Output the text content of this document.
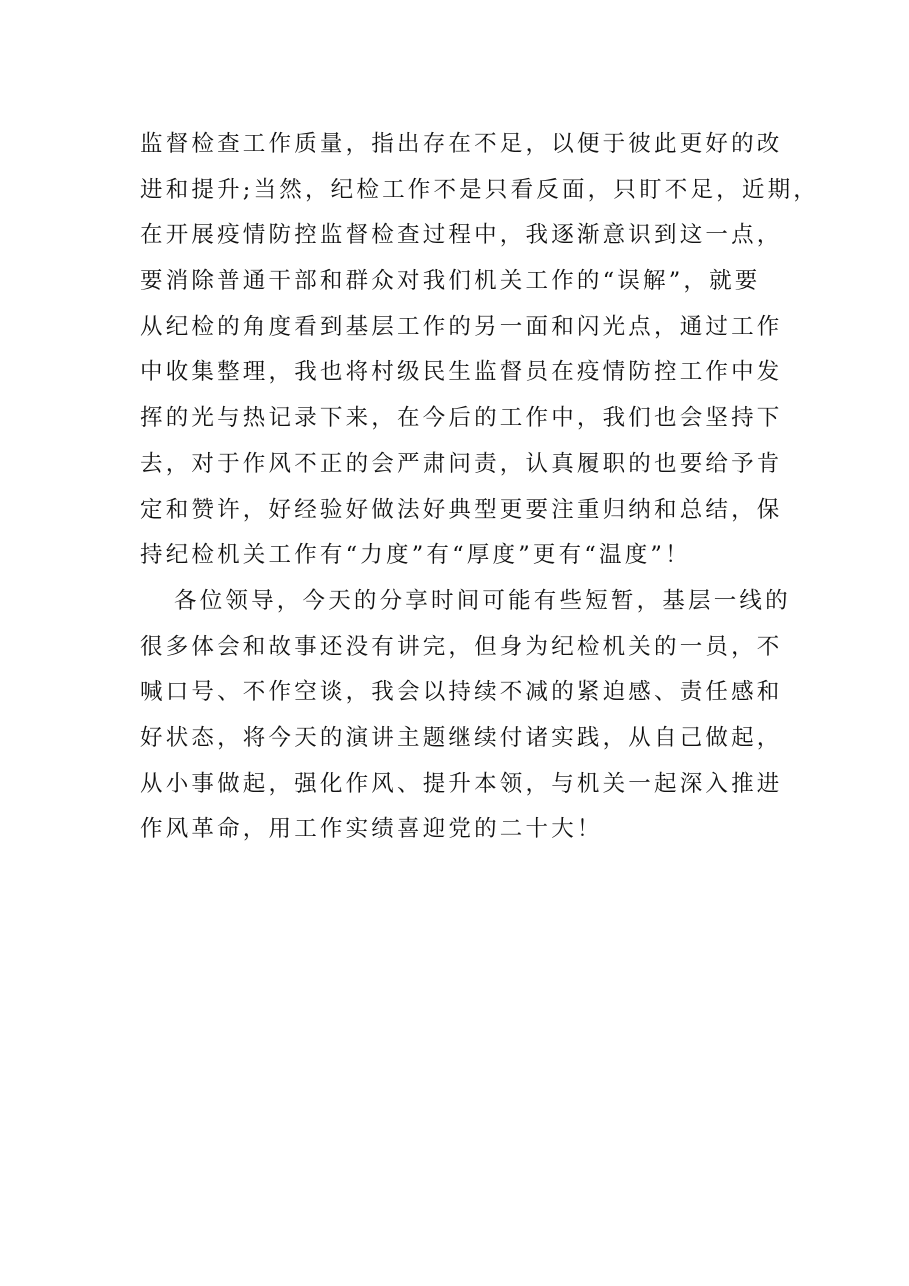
监督检查工作质量，指出存在不足，以便于彼此更好的改
进和提升;当然，纪检工作不是只看反面，只盯不足，近期，
在开展疫情防控监督检查过程中，我逐渐意识到这一点，
要消除普通干部和群众对我们机关工作的“误解”，就要
从纪检的角度看到基层工作的另一面和闪光点，通过工作
中收集整理，我也将村级民生监督员在疫情防控工作中发
挥的光与热记录下来，在今后的工作中，我们也会坚持下
去，对于作风不正的会严肃问责，认真履职的也要给予肯
定和赞许，好经验好做法好典型更要注重归纳和总结，保
持纪检机关工作有“力度”有“厚度”更有“温度”！
各位领导，今天的分享时间可能有些短暂，基层一线的
很多体会和故事还没有讲完，但身为纪检机关的一员，不
喊口号、不作空谈，我会以持续不减的紧迫感、责任感和
好状态，将今天的演讲主题继续付诸实践，从自己做起，
从小事做起，强化作风、提升本领，与机关一起深入推进
作风革命，用工作实绩喜迎党的二十大！
